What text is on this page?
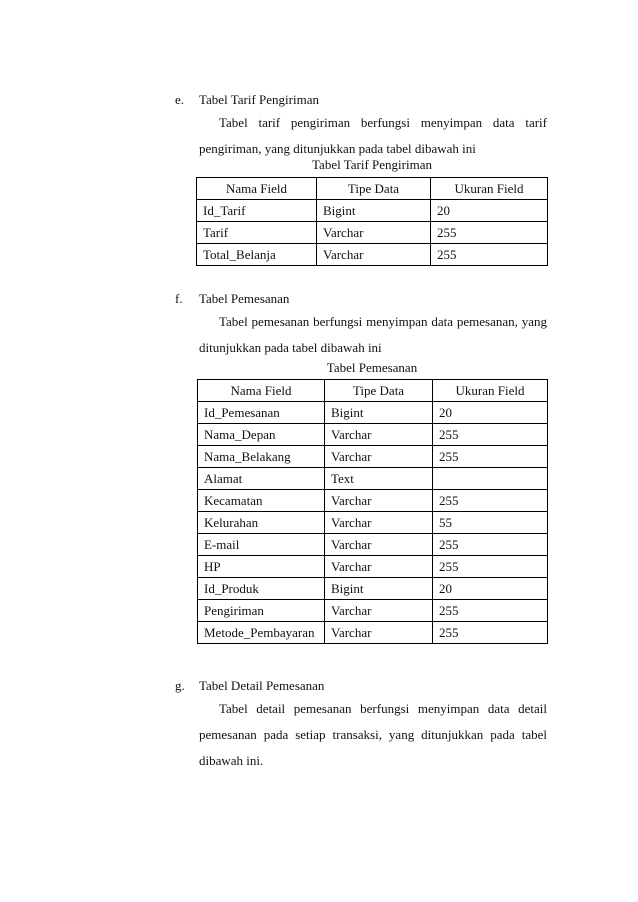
e. Tabel Tarif Pengiriman
Tabel tarif pengiriman berfungsi menyimpan data tarif pengiriman, yang ditunjukkan pada tabel dibawah ini
Tabel Tarif Pengiriman
Nama Field	Tipe Data	Ukuran Field
Id_Tarif	Bigint	20
Tarif	Varchar	255
Total_Belanja	Varchar	255
f. Tabel Pemesanan
Tabel pemesanan berfungsi menyimpan data pemesanan, yang ditunjukkan pada tabel dibawah ini
Tabel Pemesanan
Nama Field	Tipe Data	Ukuran Field
Id_Pemesanan	Bigint	20
Nama_Depan	Varchar	255
Nama_Belakang	Varchar	255
Alamat	Text	
Kecamatan	Varchar	255
Kelurahan	Varchar	55
E-mail	Varchar	255
HP	Varchar	255
Id_Produk	Bigint	20
Pengiriman	Varchar	255
Metode_Pembayaran	Varchar	255
g. Tabel Detail Pemesanan
Tabel detail pemesanan berfungsi menyimpan data detail pemesanan pada setiap transaksi, yang ditunjukkan pada tabel dibawah ini.
